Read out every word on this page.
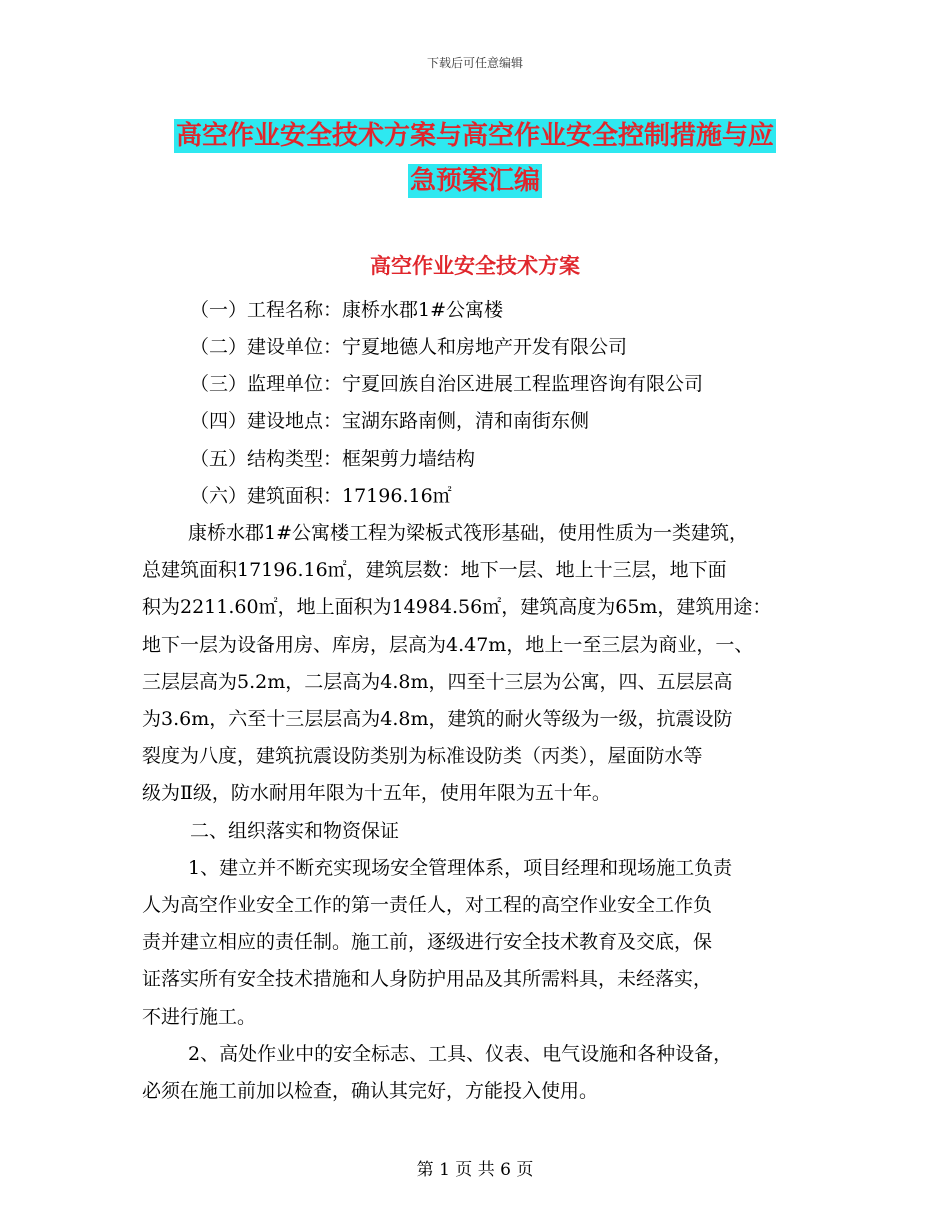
下载后可任意编辑
高空作业安全技术方案与高空作业安全控制措施与应
急预案汇编
高空作业安全技术方案
（一）工程名称：康桥水郡1#公寓楼
（二）建设单位：宁夏地德人和房地产开发有限公司
（三）监理单位：宁夏回族自治区进展工程监理咨询有限公司
（四）建设地点：宝湖东路南侧，清和南街东侧
（五）结构类型：框架剪力墙结构
（六）建筑面积：17196.16㎡
康桥水郡1#公寓楼工程为梁板式筏形基础，使用性质为一类建筑，
总建筑面积17196.16㎡，建筑层数：地下一层、地上十三层，地下面
积为2211.60㎡，地上面积为14984.56㎡，建筑高度为65m，建筑用途：
地下一层为设备用房、库房，层高为4.47m，地上一至三层为商业，一、
三层层高为5.2m，二层高为4.8m，四至十三层为公寓，四、五层层高
为3.6m，六至十三层层高为4.8m，建筑的耐火等级为一级，抗震设防
裂度为八度，建筑抗震设防类别为标准设防类（丙类），屋面防水等
级为Ⅱ级，防水耐用年限为十五年，使用年限为五十年。
二、组织落实和物资保证
1、建立并不断充实现场安全管理体系，项目经理和现场施工负责
人为高空作业安全工作的第一责任人，对工程的高空作业安全工作负
责并建立相应的责任制。施工前，逐级进行安全技术教育及交底，保
证落实所有安全技术措施和人身防护用品及其所需料具，未经落实，
不进行施工。
2、高处作业中的安全标志、工具、仪表、电气设施和各种设备，
必须在施工前加以检查，确认其完好，方能投入使用。
第 1 页 共 6 页
